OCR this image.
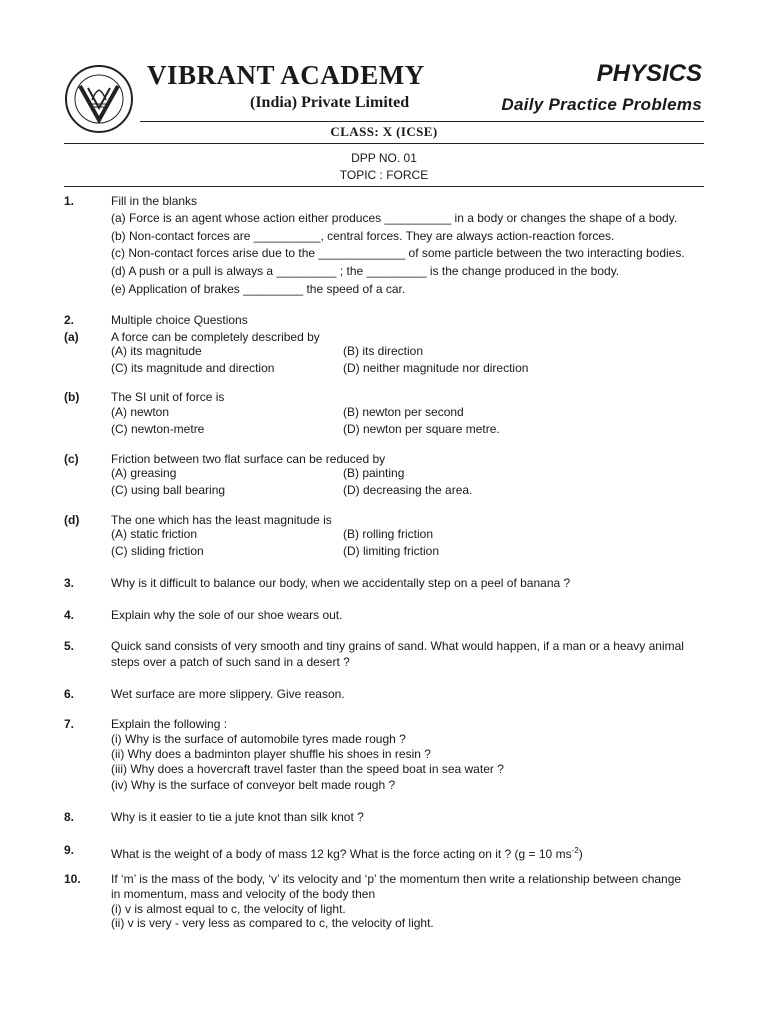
VIBRANT ACADEMY
(India) Private Limited
PHYSICS
Daily Practice Problems
CLASS: X (ICSE)
DPP NO. 01
TOPIC : FORCE
1.	Fill in the blanks
(a) Force is an agent whose action either produces __________ in a body or changes the shape of a body.
(b) Non-contact forces are __________, central forces. They are always action-reaction forces.
(c) Non-contact forces arise due to the _____________ of some particle between the two interacting bodies.
(d) A push or a pull is always a _________ ; the _________ is the change produced in the body.
(e) Application of brakes _________ the speed of a car.
2.	Multiple choice Questions
(a)	A force can be completely described by
(A) its magnitude	(B) its direction
(C) its magnitude and direction	(D) neither magnitude nor direction
(b)	The SI unit of force is
(A) newton	(B) newton per second
(C) newton-metre	(D) newton per square metre.
(c)	Friction between two flat surface can be reduced by
(A) greasing	(B) painting
(C) using ball bearing	(D) decreasing the area.
(d)	The one which has the least magnitude is
(A) static friction	(B) rolling friction
(C) sliding friction	(D) limiting friction
3.	Why is it difficult to balance our body, when we accidentally step on a peel of banana ?
4.	Explain why the sole of our shoe wears out.
5.	Quick sand consists of very smooth and tiny grains of sand. What would happen, if a man or a heavy animal
steps over a patch of such sand in a desert ?
6.	Wet surface are more slippery. Give reason.
7.	Explain the following :
(i) Why is the surface of automobile tyres made rough ?
(ii) Why does a badminton player shuffle his shoes in resin ?
(iii) Why does a hovercraft travel faster than the speed boat in sea water ?
(iv) Why is the surface of conveyor belt made rough ?
8.	Why is it easier to tie a jute knot than silk knot ?
9.	What is the weight of a body of mass 12 kg? What is the force acting on it ? (g = 10 $ms^{-2}$)
10.	If ‘m’ is the mass of the body, ‘v’ its velocity and ‘p’ the momentum then write a relationship between change
in momentum, mass and velocity of the body then
(i) v is almost equal to c, the velocity of light.
(ii) v is very - very less as compared to c, the velocity of light.
